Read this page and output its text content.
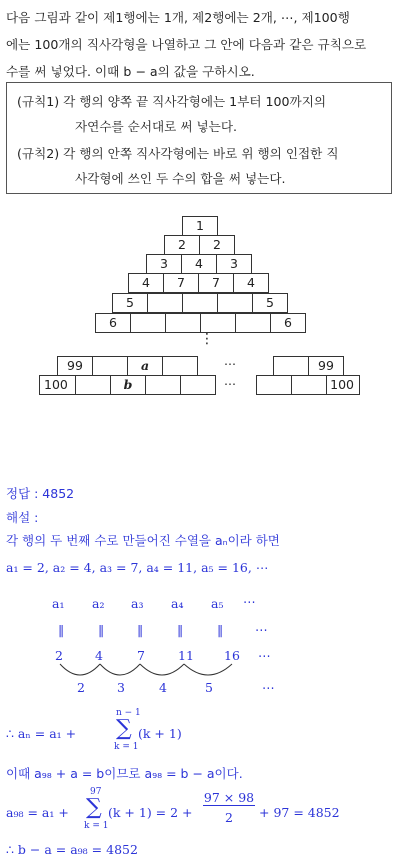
다음 그림과 같이 제1행에는 1개, 제2행에는 2개, ⋯, 제100행
에는 100개의 직사각형을 나열하고 그 안에 다음과 같은 규칙으로
수를 써 넣었다. 이때 b − a의 값을 구하시오.
(규칙1) 각 행의 양쪽 끝 직사각형에는 1부터 100까지의
자연수를 순서대로 써 넣는다.
(규칙2) 각 행의 안쪽 직사각형에는 바로 위 행의 인접한 직
사각형에 쓰인 두 수의 합을 써 넣는다.
1
2	2
3	4	3
4	7	7	4
5	5
6	6
⋮
99	a	99
100	b	100
⋯
⋯
정답 : 4852
해설 :
각 행의 두 번째 수로 만들어진 수열을 aₙ이라 하면
a₁ = 2, a₂ = 4, a₃ = 7, a₄ = 11, a₅ = 16, ⋯
a₁ a₂ a₃ a₄ a₅ ⋯
‖	‖	‖	‖	‖	⋯
2	4	7	11 16 ⋯
2	3	4	5	⋯
∴ aₙ = a₁ +
n − 1
∑
k = 1
(k + 1)
이때 a₉₈ + a = b이므로 a₉₈ = b − a이다.
a₉₈ = a₁ +
97
∑
k = 1
(k + 1) = 2 +
97 × 98
2	+ 97 = 4852
∴ b − a = a₉₈ = 4852
